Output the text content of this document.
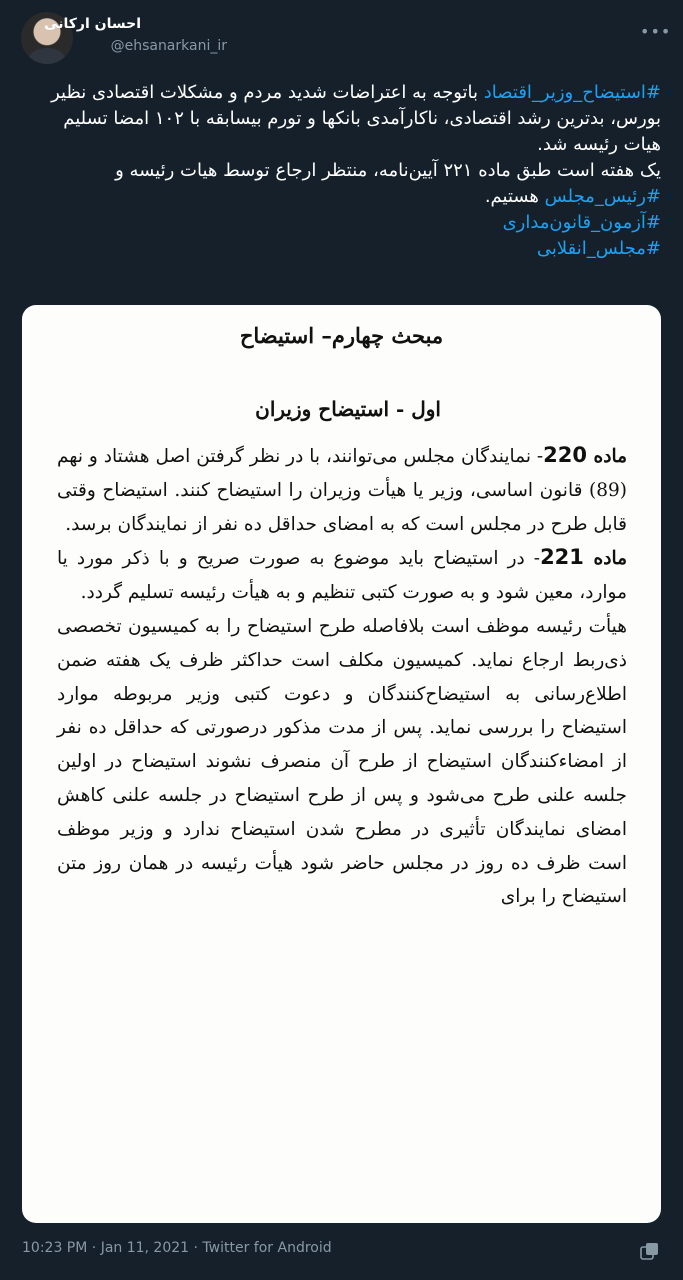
احسان ارکانی
@ehsanarkani_ir
•••

#استیضاح_وزیر_اقتصاد باتوجه به اعتراضات شدید مردم و مشکلات اقتصادی نظیر بورس، بدترین رشد اقتصادی، ناکارآمدی بانکها و تورم بیسابقه با ۱۰۲ امضا تسلیم هیات رئیسه شد.

یک هفته است طبق ماده ۲۲۱ آیین‌نامه، منتظر ارجاع توسط هیات رئیسه و #رئیس_مجلس هستیم.

#آزمون_قانون‌مداری

#مجلس_انقلابی

مبحث چهارم– استیضاح
اول - استیضاح وزیران

ماده 220- نمایندگان مجلس می‌توانند، با در نظر گرفتن اصل هشتاد و نهم (89) قانون اساسی، وزیر یا هیأت وزیران را استیضاح کنند. استیضاح وقتی قابل طرح در مجلس است که به امضای حداقل ده نفر از نمایندگان برسد.

ماده 221- در استیضاح باید موضوع به صورت صریح و با ذکر مورد یا موارد، معین شود و به صورت کتبی تنظیم و به هیأت رئیسه تسلیم گردد.

هیأت رئیسه موظف است بلافاصله طرح استیضاح را به کمیسیون تخصصی ذی‌ربط ارجاع نماید. کمیسیون مکلف است حداکثر ظرف یک هفته ضمن اطلاع‌رسانی به استیضاح‌کنندگان و دعوت کتبی وزیر مربوطه موارد استیضاح را بررسی نماید. پس از مدت مذکور درصورتی که حداقل ده نفر از امضاءکنندگان استیضاح از طرح آن منصرف نشوند استیضاح در اولین جلسه علنی طرح می‌شود و پس از طرح استیضاح در جلسه علنی کاهش امضای نمایندگان تأثیری در مطرح شدن استیضاح ندارد و وزیر موظف است ظرف ده روز در مجلس حاضر شود هیأت رئیسه در همان روز متن استیضاح را برای

10:23 PM · Jan 11, 2021 · Twitter for Android
